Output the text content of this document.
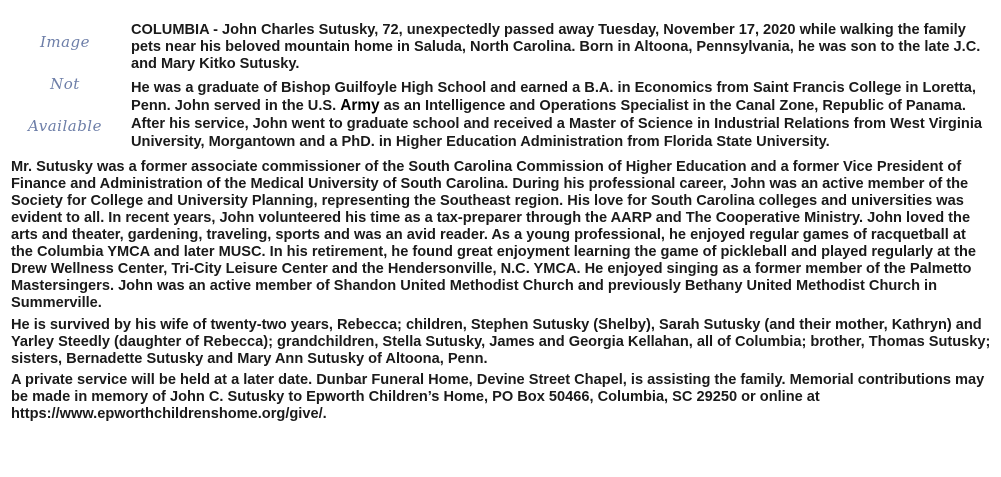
Image
Not
Available

COLUMBIA - John Charles Sutusky, 72, unexpectedly passed away Tuesday, November 17, 2020 while walking the family pets near his beloved mountain home in Saluda, North Carolina. Born in Altoona, Pennsylvania, he was son to the late J.C. and Mary Kitko Sutusky.

He was a graduate of Bishop Guilfoyle High School and earned a B.A. in Economics from Saint Francis College in Loretta, Penn. John served in the U.S. Army as an Intelligence and Operations Specialist in the Canal Zone, Republic of Panama. After his service, John went to graduate school and received a Master of Science in Industrial Relations from West Virginia University, Morgantown and a PhD. in Higher Education Administration from Florida State University.

Mr. Sutusky was a former associate commissioner of the South Carolina Commission of Higher Education and a former Vice President of Finance and Administration of the Medical University of South Carolina. During his professional career, John was an active member of the Society for College and University Planning, representing the Southeast region. His love for South Carolina colleges and universities was evident to all. In recent years, John volunteered his time as a tax-preparer through the AARP and The Cooperative Ministry. John loved the arts and theater, gardening, traveling, sports and was an avid reader. As a young professional, he enjoyed regular games of racquetball at the Columbia YMCA and later MUSC. In his retirement, he found great enjoyment learning the game of pickleball and played regularly at the Drew Wellness Center, Tri-City Leisure Center and the Hendersonville, N.C. YMCA. He enjoyed singing as a former member of the Palmetto Mastersingers. John was an active member of Shandon United Methodist Church and previously Bethany United Methodist Church in Summerville.

He is survived by his wife of twenty-two years, Rebecca; children, Stephen Sutusky (Shelby), Sarah Sutusky (and their mother, Kathryn) and Yarley Steedly (daughter of Rebecca); grandchildren, Stella Sutusky, James and Georgia Kellahan, all of Columbia; brother, Thomas Sutusky; sisters, Bernadette Sutusky and Mary Ann Sutusky of Altoona, Penn.

A private service will be held at a later date. Dunbar Funeral Home, Devine Street Chapel, is assisting the family. Memorial contributions may be made in memory of John C. Sutusky to Epworth Children’s Home, PO Box 50466, Columbia, SC 29250 or online at https://www.epworthchildrenshome.org/give/.
